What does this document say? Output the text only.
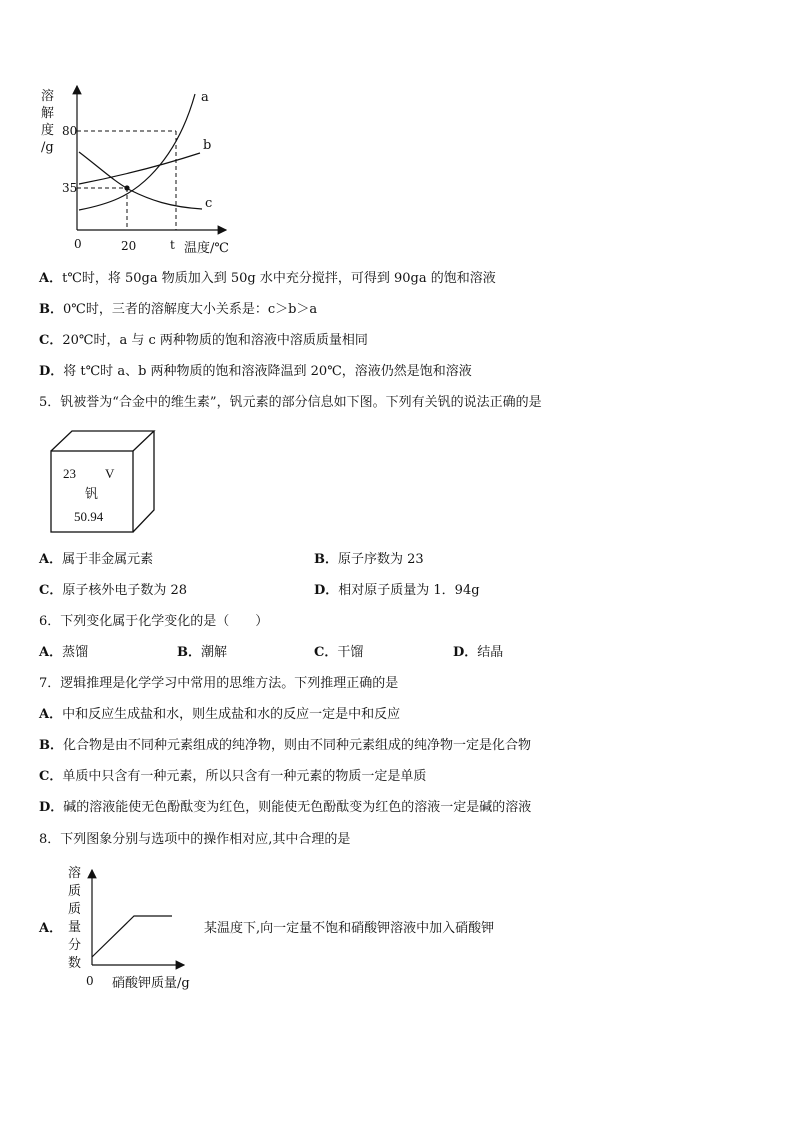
溶
解
度
/g
80
35
0	20	t 温度/℃
a
b
c
A．t℃时，将 50ga 物质加入到 50g 水中充分搅拌，可得到 90ga 的饱和溶液
B．0℃时，三者的溶解度大小关系是：c＞b＞a
C．20℃时，a 与 c 两种物质的饱和溶液中溶质质量相同
D．将 t℃时 a、b 两种物质的饱和溶液降温到 20℃，溶液仍然是饱和溶液
5．钒被誉为“合金中的维生素”，钒元素的部分信息如下图。下列有关钒的说法正确的是
23 V
钒
50.94
A．属于非金属元素	B．原子序数为 23
C．原子核外电子数为 28	D．相对原子质量为 1．94g
6．下列变化属于化学变化的是（　　）
A．蒸馏	B．潮解	C．干馏	D．结晶
7．逻辑推理是化学学习中常用的思维方法。下列推理正确的是
A．中和反应生成盐和水，则生成盐和水的反应一定是中和反应
B．化合物是由不同种元素组成的纯净物，则由不同种元素组成的纯净物一定是化合物
C．单质中只含有一种元素，所以只含有一种元素的物质一定是单质
D．碱的溶液能使无色酚酞变为红色，则能使无色酚酞变为红色的溶液一定是碱的溶液
8．下列图象分别与选项中的操作相对应,其中合理的是
A．
溶
质
质
量
分
数
0 硝酸钾质量/g
某温度下,向一定量不饱和硝酸钾溶液中加入硝酸钾
